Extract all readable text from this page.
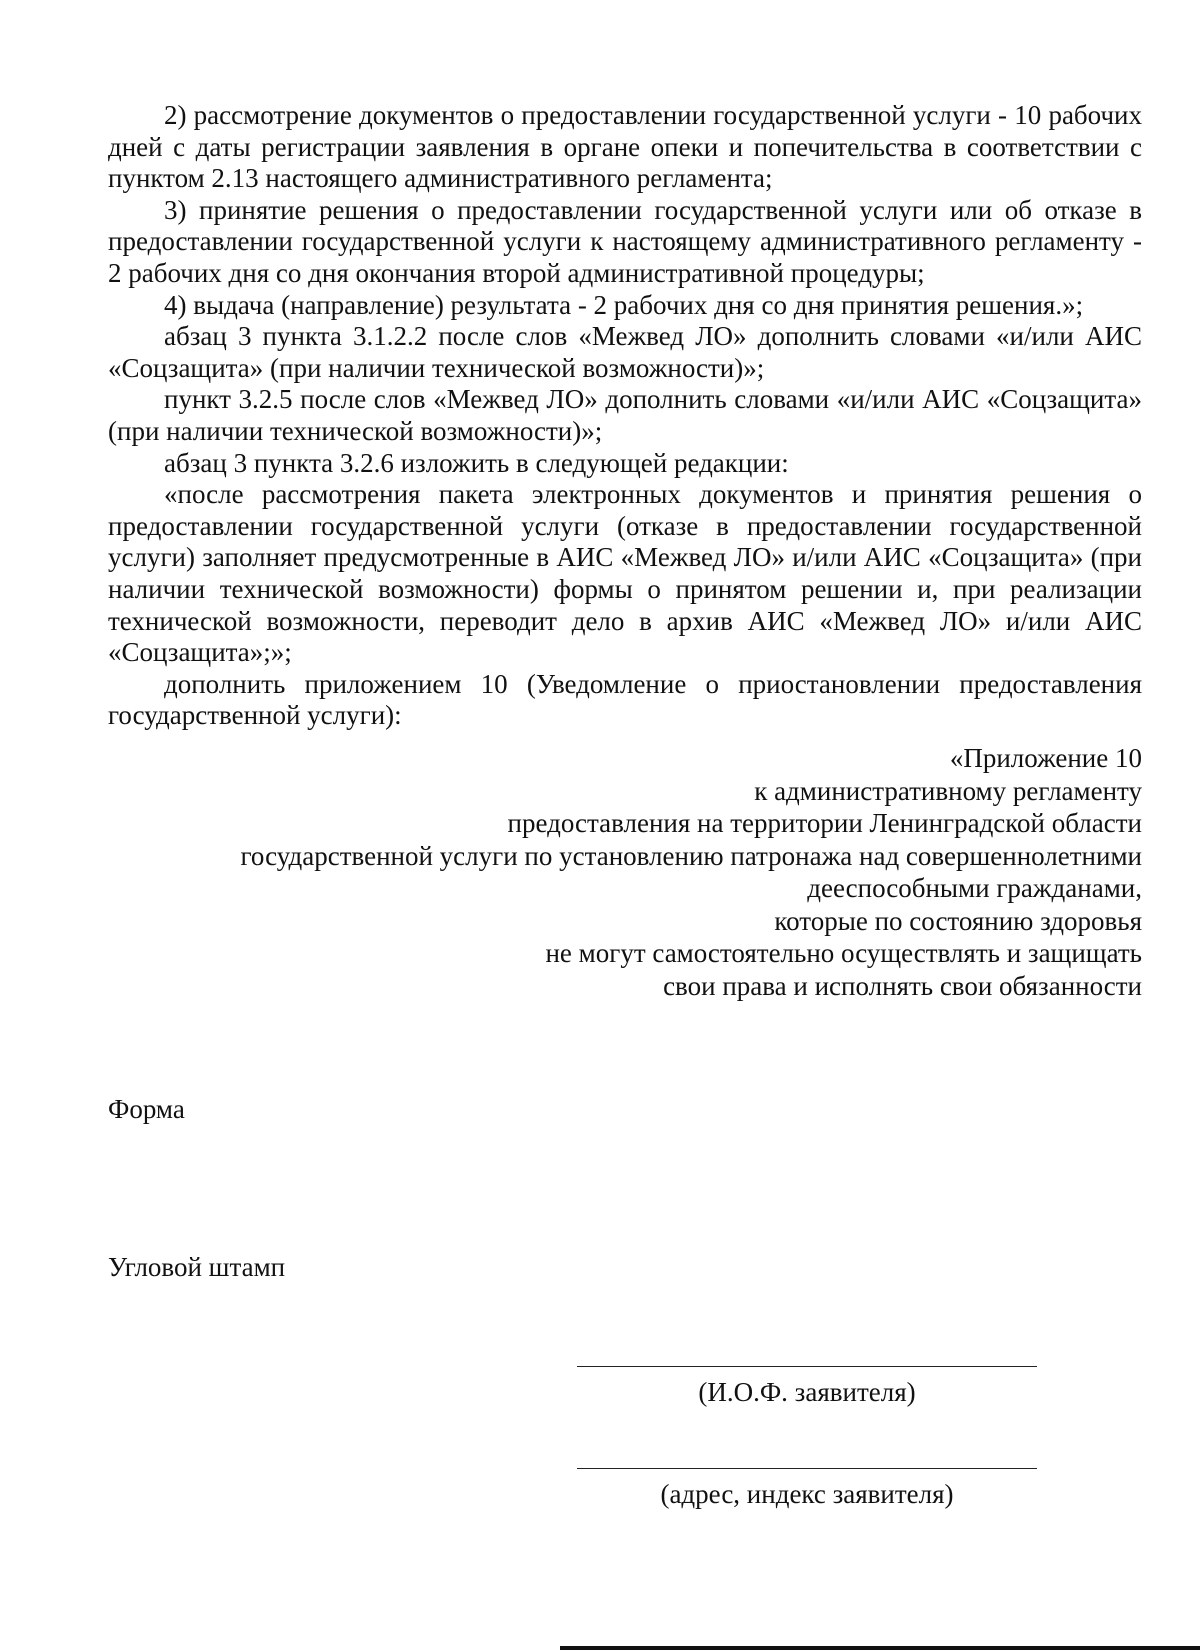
2) рассмотрение документов о предоставлении государственной услуги - 10 рабочих дней с даты регистрации заявления в органе опеки и попечительства в соответствии с пунктом 2.13 настоящего административного регламента;

3) принятие решения о предоставлении государственной услуги или об отказе в предоставлении государственной услуги к настоящему административного регламенту - 2 рабочих дня со дня окончания второй административной процедуры;

4) выдача (направление) результата - 2 рабочих дня со дня принятия решения.»;

абзац 3 пункта 3.1.2.2 после слов «Межвед ЛО» дополнить словами «и/или АИС «Соцзащита» (при наличии технической возможности)»;

пункт 3.2.5 после слов «Межвед ЛО» дополнить словами «и/или АИС «Соцзащита» (при наличии технической возможности)»;

абзац 3 пункта 3.2.6 изложить в следующей редакции:

«после рассмотрения пакета электронных документов и принятия решения о предоставлении государственной услуги (отказе в предоставлении государственной услуги) заполняет предусмотренные в АИС «Межвед ЛО» и/или АИС «Соцзащита» (при наличии технической возможности) формы о принятом решении и, при реализации технической возможности, переводит дело в архив АИС «Межвед ЛО» и/или АИС «Соцзащита»;»;

дополнить приложением 10 (Уведомление о приостановлении предоставления государственной услуги):

«Приложение 10
к административному регламенту
предоставления на территории Ленинградской области
государственной услуги по установлению патронажа над совершеннолетними
дееспособными гражданами,
которые по состоянию здоровья
не могут самостоятельно осуществлять и защищать
свои права и исполнять свои обязанности
Форма
Угловой штамп
(И.О.Ф. заявителя)
(адрес, индекс заявителя)
